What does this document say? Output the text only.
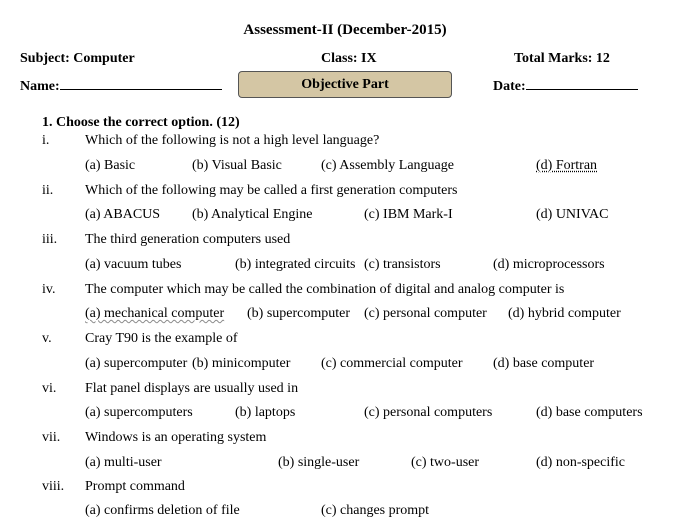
Assessment-II (December-2015)
Subject: Computer	Class: IX	Total Marks: 12
Name:	Objective Part	Date:
1. Choose the correct option. (12)
i.	Which of the following is not a high level language?
(a) Basic	(b) Visual Basic	(c) Assembly Language	(d) Fortran
ii. Which of the following may be called a first generation computers
(a) ABACUS (b) Analytical Engine	(c) IBM Mark-I	(d) UNIVAC
iii. The third generation computers used
(a) vacuum tubes	(b) integrated circuits (c) transistors	(d) microprocessors
iv. The computer which may be called the combination of digital and analog computer is
(a) mechanical computer (b) supercomputer (c) personal computer (d) hybrid computer
v. Cray T90 is the example of
(a) supercomputer (b) minicomputer (c) commercial computer (d) base computer
vi. Flat panel displays are usually used in
(a) supercomputers	(b) laptops	(c) personal computers	(d) base computers
vii. Windows is an operating system
(a) multi-user	(b) single-user	(c) two-user	(d) non-specific
viii. Prompt command
(a) confirms deletion of file	(c) changes prompt
